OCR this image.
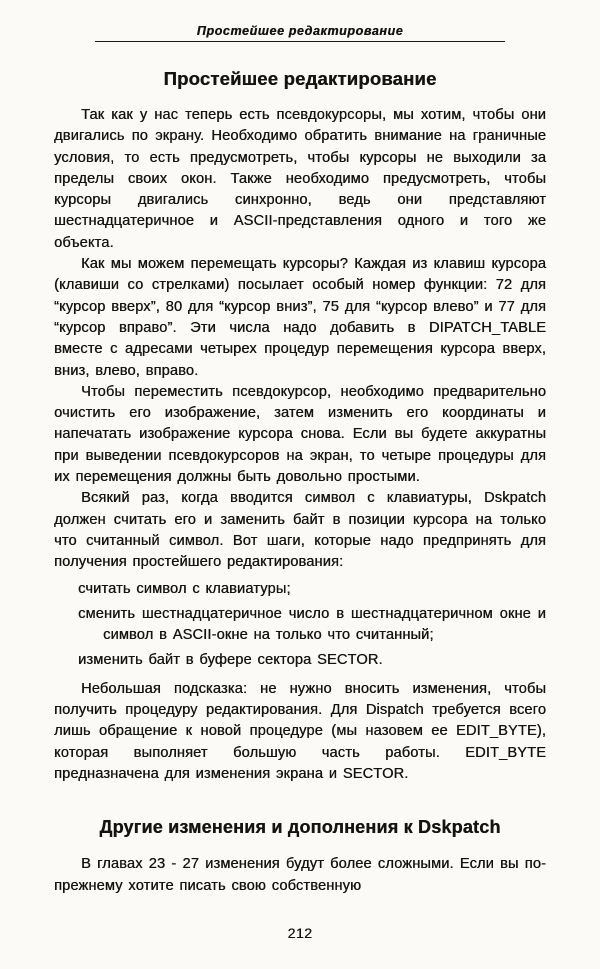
Простейшее редактирование
Простейшее редактирование

Так как у нас теперь есть псевдокурсоры, мы хотим, чтобы они двигались по экрану. Необходимо обратить внимание на граничные условия, то есть предусмотреть, чтобы курсоры не выходили за пределы своих окон. Также необходимо предусмотреть, чтобы курсоры двигались синхронно, ведь они представляют шестнадцатеричное и ASCII-представления одного и того же объекта.

Как мы можем перемещать курсоры? Каждая из клавиш курсора (клавиши со стрелками) посылает особый номер функции: 72 для “курсор вверх”, 80 для “курсор вниз”, 75 для “курсор влево” и 77 для “курсор вправо”. Эти числа надо добавить в DIPATCH_TABLE вместе с адресами четырех процедур перемещения курсора вверх, вниз, влево, вправо.

Чтобы переместить псевдокурсор, необходимо предварительно очистить его изображение, затем изменить его координаты и напечатать изображение курсора снова. Если вы будете аккуратны при выведении псевдокурсоров на экран, то четыре процедуры для их перемещения должны быть довольно простыми.

Всякий раз, когда вводится символ с клавиатуры, Dskpatch должен считать его и заменить байт в позиции курсора на только что считанный символ. Вот шаги, которые надо предпринять для получения простейшего редактирования:

считать символ с клавиатуры;
сменить шестнадцатеричное число в шестнадцатеричном окне и символ в ASCII-окне на только что считанный;
изменить байт в буфере сектора SECTOR.

Небольшая подсказка: не нужно вносить изменения, чтобы получить процедуру редактирования. Для Dispatch требуется всего лишь обращение к новой процедуре (мы назовем ее EDIT_BYTE), которая выполняет большую часть работы. EDIT_BYTE предназначена для изменения экрана и SECTOR.

Другие изменения и дополнения к Dskpatch

В главах 23 - 27 изменения будут более сложными. Если вы по-прежнему хотите писать свою собственную

212
